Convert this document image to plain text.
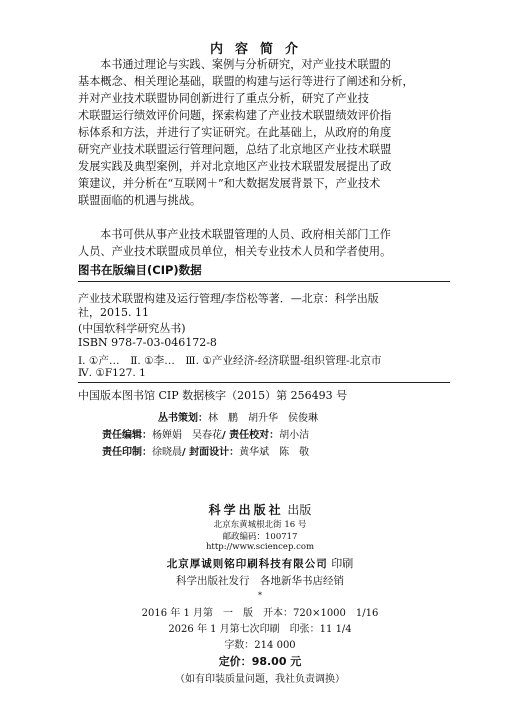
内容简介

本书通过理论与实践、案例与分析研究，对产业技术联盟的
基本概念、相关理论基础，联盟的构建与运行等进行了阐述和分析，
并对产业技术联盟协同创新进行了重点分析，研究了产业技
术联盟运行绩效评价问题，探索构建了产业技术联盟绩效评价指
标体系和方法，并进行了实证研究。在此基础上，从政府的角度
研究产业技术联盟运行管理问题，总结了北京地区产业技术联盟
发展实践及典型案例，并对北京地区产业技术联盟发展提出了政
策建议，并分析在“互联网＋”和大数据发展背景下，产业技术
联盟面临的机遇与挑战。

本书可供从事产业技术联盟管理的人员、政府相关部门工作
人员、产业技术联盟成员单位，相关专业技术人员和学者使用。

图书在版编目(CIP)数据
产业技术联盟构建及运行管理/李岱松等著．—北京：科学出版
社，2015. 11
(中国软科学研究丛书)
ISBN 978-7-03-046172-8
Ⅰ. ①产…　Ⅱ. ①李…　Ⅲ. ①产业经济-经济联盟-组织管理-北京市
Ⅳ. ①F127. 1
中国版本图书馆 CIP 数据核字（2015）第 256493 号
丛书策划：林　鹏　胡升华　侯俊琳
责任编辑：杨婵娟　吴春花/ 责任校对：胡小洁
责任印制：徐晓晨/ 封面设计：黄华斌　陈　敬
科学出版社 出版
北京东黄城根北街 16 号
邮政编码：100717
http://www.sciencep.com
北京厚诚则铭印刷科技有限公司 印刷
科学出版社发行　各地新华书店经销
*
2016 年 1 月第　一　版　开本：720×1000　1/16
2026 年 1 月第七次印刷　印张：11 1/4
字数：214 000
定价：98.00 元
（如有印装质量问题，我社负责调换）
